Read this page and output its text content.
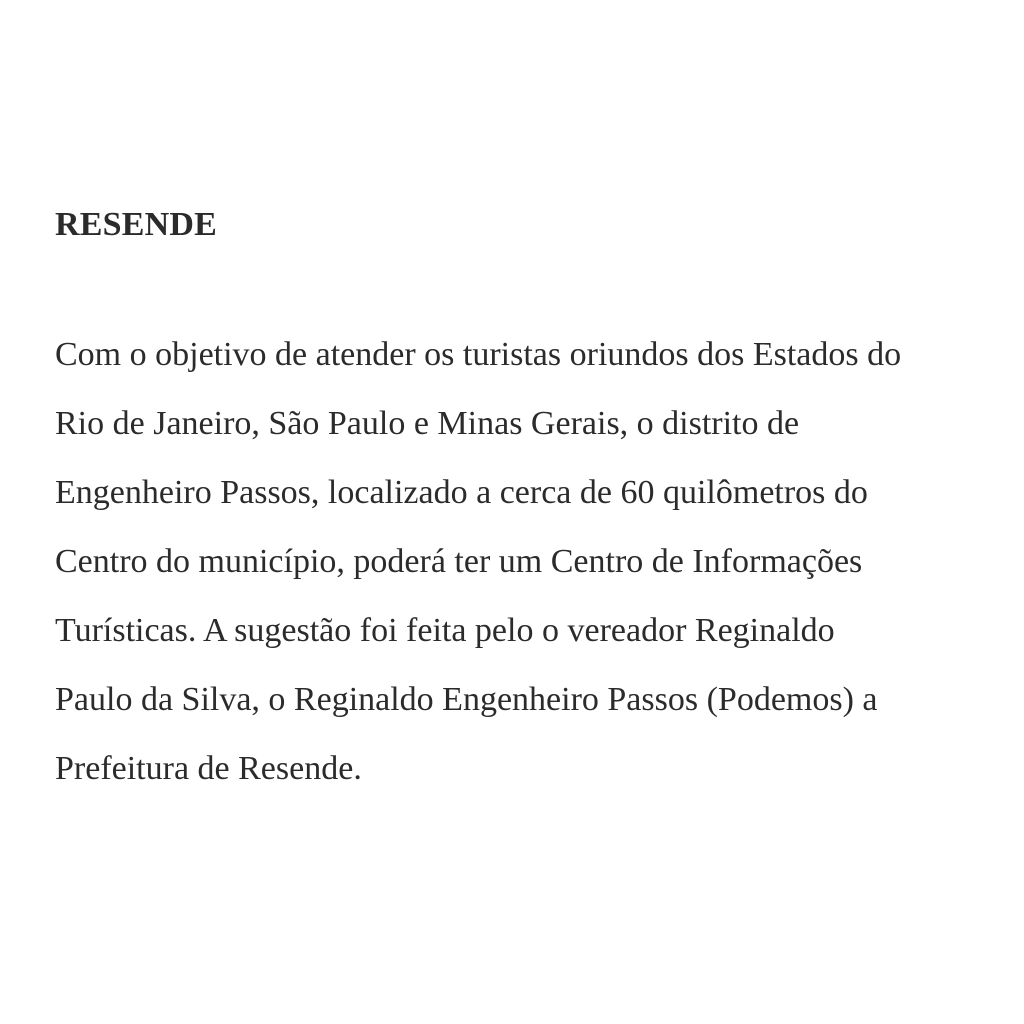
RESENDE

Com o objetivo de atender os turistas oriundos dos Estados do
Rio de Janeiro, São Paulo e Minas Gerais, o distrito de
Engenheiro Passos, localizado a cerca de 60 quilômetros do
Centro do município, poderá ter um Centro de Informações
Turísticas. A sugestão foi feita pelo o vereador Reginaldo
Paulo da Silva, o Reginaldo Engenheiro Passos (Podemos) a
Prefeitura de Resende.
